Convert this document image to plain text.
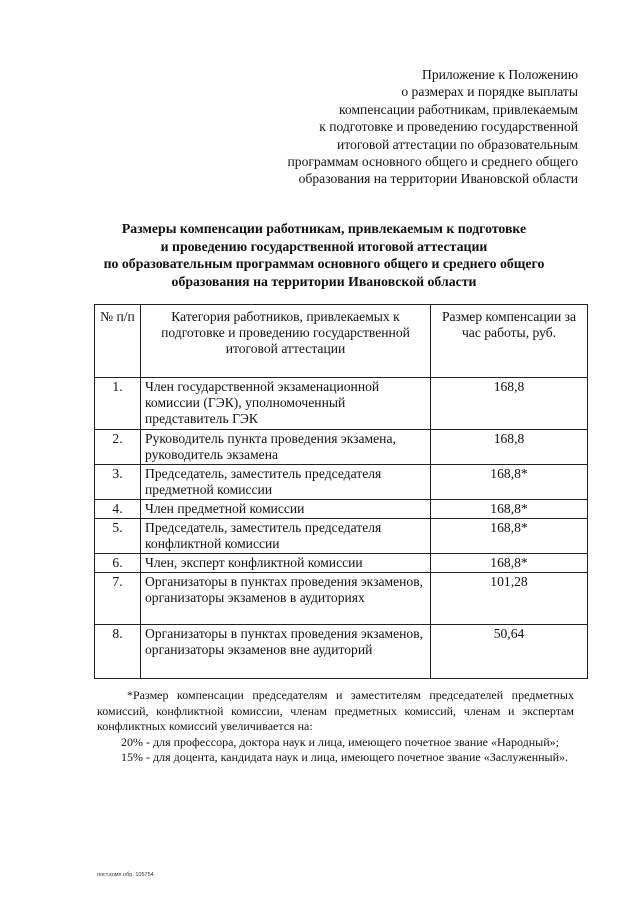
Приложение к Положению
о размерах и порядке выплаты
компенсации работникам, привлекаемым
к подготовке и проведению государственной
итоговой аттестации по образовательным
программам основного общего и среднего общего
образования на территории Ивановской области
Размеры компенсации работникам, привлекаемым к подготовке
и проведению государственной итоговой аттестации
по образовательным программам основного общего и среднего общего
образования на территории Ивановской области
№ п/п	Категория работников, привлекаемых к подготовке и проведению государственной итоговой аттестации	Размер компенсации за час работы, руб.
1.	Член государственной экзаменационной комиссии (ГЭК), уполномоченный представитель ГЭК	168,8
2.	Руководитель пункта проведения экзамена, руководитель экзамена	168,8
3.	Председатель, заместитель председателя предметной комиссии	168,8*
4.	Член предметной комиссии	168,8*
5.	Председатель, заместитель председателя конфликтной комиссии	168,8*
6.	Член, эксперт конфликтной комиссии	168,8*
7.	Организаторы в пунктах проведения экзаменов, организаторы экзаменов в аудиториях	101,28
8.	Организаторы в пунктах проведения экзаменов, организаторы экзаменов вне аудиторий	50,64

*Размер компенсации председателям и заместителям председателей предметных комиссий, конфликтной комиссии, членам предметных комиссий, членам и экспертам конфликтных комиссий увеличивается на:

20% - для профессора, доктора наук и лица, имеющего почетное звание «Народный»;

15% - для доцента, кандидата наук и лица, имеющего почетное звание «Заслуженный».

пост.комп.обр. 105754
